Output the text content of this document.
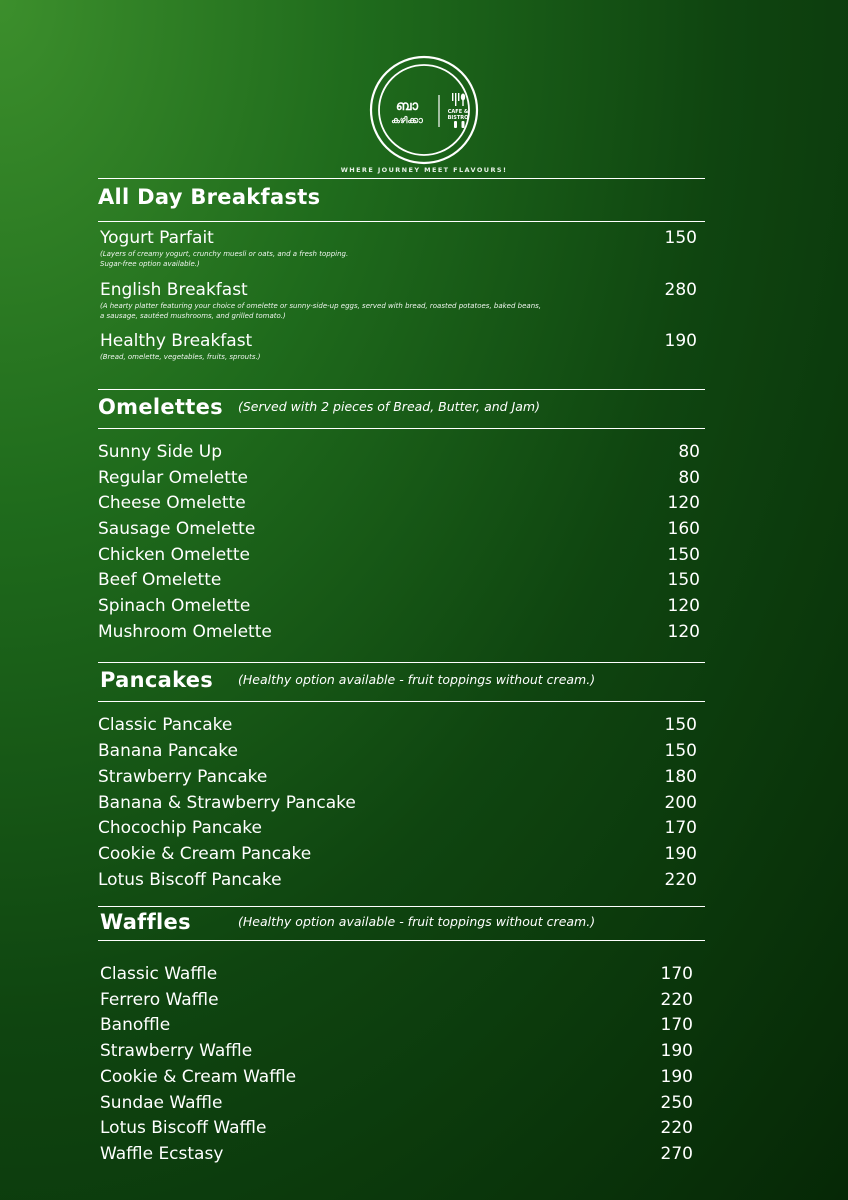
ബാ
കഴിക്കാ
CAFE &
BISTRO
WHERE JOURNEY MEET FLAVOURS!
All Day Breakfasts
Yogurt Parfait	150
(Layers of creamy yogurt, crunchy muesli or oats, and a fresh topping.
Sugar-free option available.)
English Breakfast	280
(A hearty platter featuring your choice of omelette or sunny-side-up eggs, served with bread, roasted potatoes, baked beans,
a sausage, sautéed mushrooms, and grilled tomato.)
Healthy Breakfast	190
(Bread, omelette, vegetables, fruits, sprouts.)
Omelettes (Served with 2 pieces of Bread, Butter, and Jam)
Sunny Side Up	80
Regular Omelette	80
Cheese Omelette	120
Sausage Omelette	160
Chicken Omelette	150
Beef Omelette	150
Spinach Omelette	120
Mushroom Omelette	120
Pancakes (Healthy option available - fruit toppings without cream.)
Classic Pancake	150
Banana Pancake	150
Strawberry Pancake	180
Banana & Strawberry Pancake	200
Chocochip Pancake	170
Cookie & Cream Pancake	190
Lotus Biscoff Pancake	220
Waffles	(Healthy option available - fruit toppings without cream.)
Classic Waffle	170
Ferrero Waffle	220
Banoffle	170
Strawberry Waffle	190
Cookie & Cream Waffle	190
Sundae Waffle	250
Lotus Biscoff Waffle	220
Waffle Ecstasy	270
